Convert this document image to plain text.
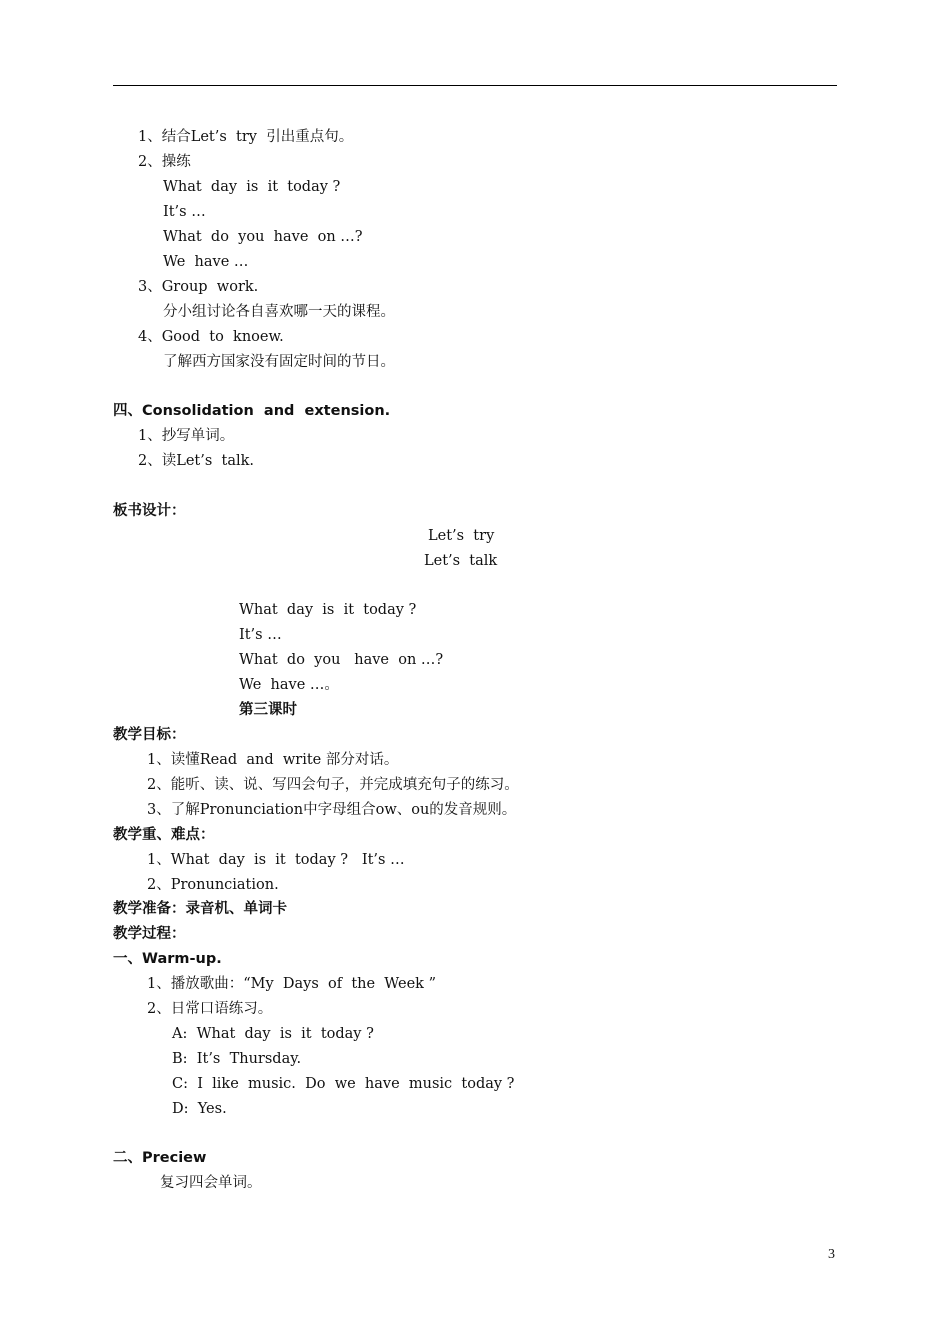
1、结合Let’s  try  引出重点句。
2、操练
What  day  is  it  today ?
It’s …
What  do  you  have  on …?
We  have …
3、Group  work.
分小组讨论各自喜欢哪一天的课程。
4、Good  to  knoew.
了解西方国家没有固定时间的节日。
四、Consolidation  and  extension.
1、抄写单词。
2、读Let’s  talk.
板书设计：
Let’s  try
Let’s  talk
What  day  is  it  today ?
It’s …
What  do  you   have  on …?
We  have …。
第三课时
教学目标：
1、读懂Read  and  write 部分对话。
2、能听、读、说、写四会句子，并完成填充句子的练习。
3、了解Pronunciation中字母组合ow、ou的发音规则。
教学重、难点：
1、What  day  is  it  today ?   It’s …
2、Pronunciation.
教学准备：录音机、单词卡
教学过程：
一、Warm-up.
1、播放歌曲：“My  Days  of  the  Week ”
2、日常口语练习。
A:  What  day  is  it  today ?
B:  It’s  Thursday.
C:  I  like  music.  Do  we  have  music  today ?
D:  Yes.
二、Preciew
复习四会单词。
3
